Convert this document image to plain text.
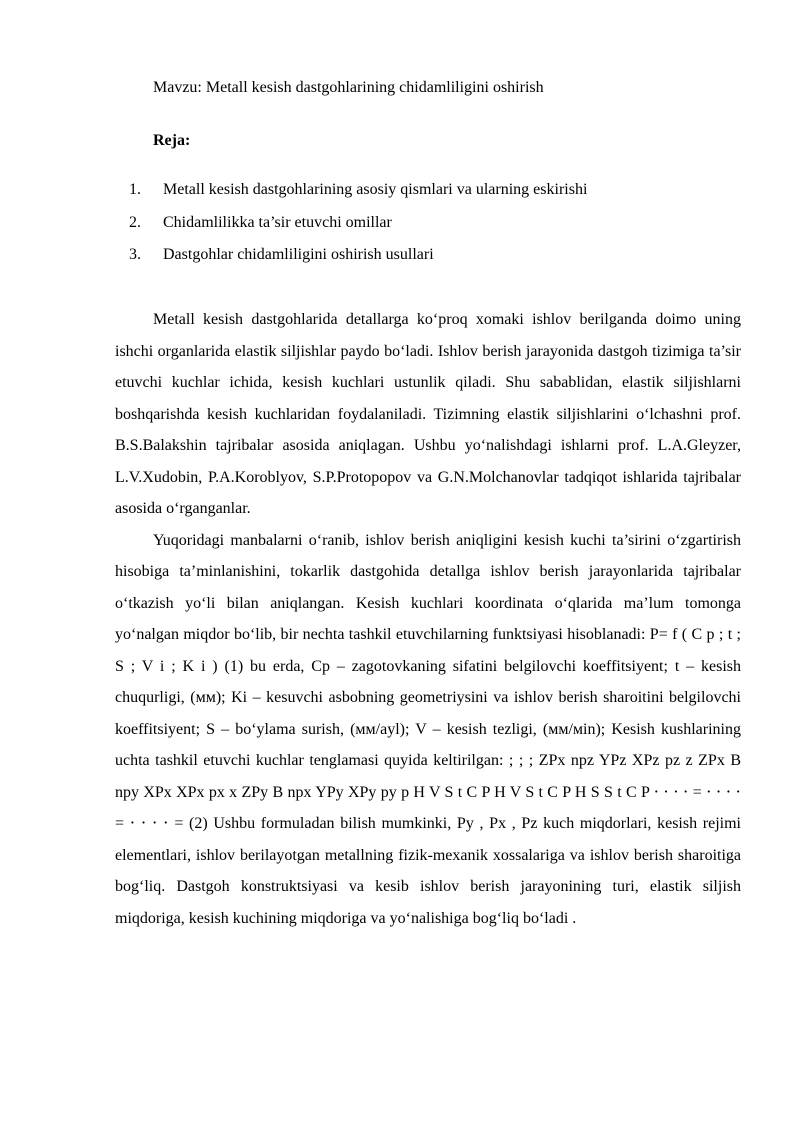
Mavzu: Metall kesish dastgohlarining chidamliligini oshirish
Reja:
1.	Metall kesish dastgohlarining asosiy qismlari va ularning eskirishi
2.	Chidamlilikka ta’sir etuvchi omillar
3.	Dastgohlar chidamliligini oshirish usullari

Metall kesish dastgohlarida detallarga ko‘proq xomaki ishlov berilganda doimo uning ishchi organlarida elastik siljishlar paydo bo‘ladi. Ishlov berish jarayonida dastgoh tizimiga ta’sir etuvchi kuchlar ichida, kesish kuchlari ustunlik qiladi. Shu sabablidan, elastik siljishlarni boshqarishda kesish kuchlaridan foydalaniladi. Tizimning elastik siljishlarini o‘lchashni prof. B.S.Balakshin tajribalar asosida aniqlagan. Ushbu yo‘nalishdagi ishlarni prof. L.A.Gleyzer, L.V.Xudobin, P.A.Koroblyov, S.P.Protopopov va G.N.Molchanovlar tadqiqot ishlarida tajribalar asosida o‘rganganlar.

Yuqoridagi manbalarni o‘ranib, ishlov berish aniqligini kesish kuchi ta’sirini o‘zgartirish hisobiga ta’minlanishini, tokarlik dastgohida detallga ishlov berish jarayonlarida tajribalar o‘tkazish yo‘li bilan aniqlangan. Kesish kuchlari koordinata o‘qlarida ma’lum tomonga yo‘nalgan miqdor bo‘lib, bir nechta tashkil etuvchilarning funktsiyasi hisoblanadi: P= f ( C p ; t ; S ; V i ; K i ) (1) bu erda, Cp – zagotovkaning sifatini belgilovchi koeffitsiyent; t – kesish chuqurligi, (мм); Ki – kesuvchi asbobning geometriysini va ishlov berish sharoitini belgilovchi koeffitsiyent; S – bo‘ylama surish, (мм/ayl); V – kesish tezligi, (мм/мin); Kesish kushlarining uchta tashkil etuvchi kuchlar tenglamasi quyida keltirilgan: ; ; ; ZPx npz YPz XPz pz z ZPx B npy XPx XPx px x ZPy B npx YPy XPy py p H V S t C P H V S t C P H S S t C P ⋅ ⋅ ⋅ ⋅ = ⋅ ⋅ ⋅ ⋅ = ⋅ ⋅ ⋅ ⋅ = (2) Ushbu formuladan bilish mumkinki, Py , Px , Pz kuch miqdorlari, kesish rejimi elementlari, ishlov berilayotgan metallning fizik-mexanik xossalariga va ishlov berish sharoitiga bog‘liq. Dastgoh konstruktsiyasi va kesib ishlov berish jarayonining turi, elastik siljish miqdoriga, kesish kuchining miqdoriga va yo‘nalishiga bog‘liq bo‘ladi .
